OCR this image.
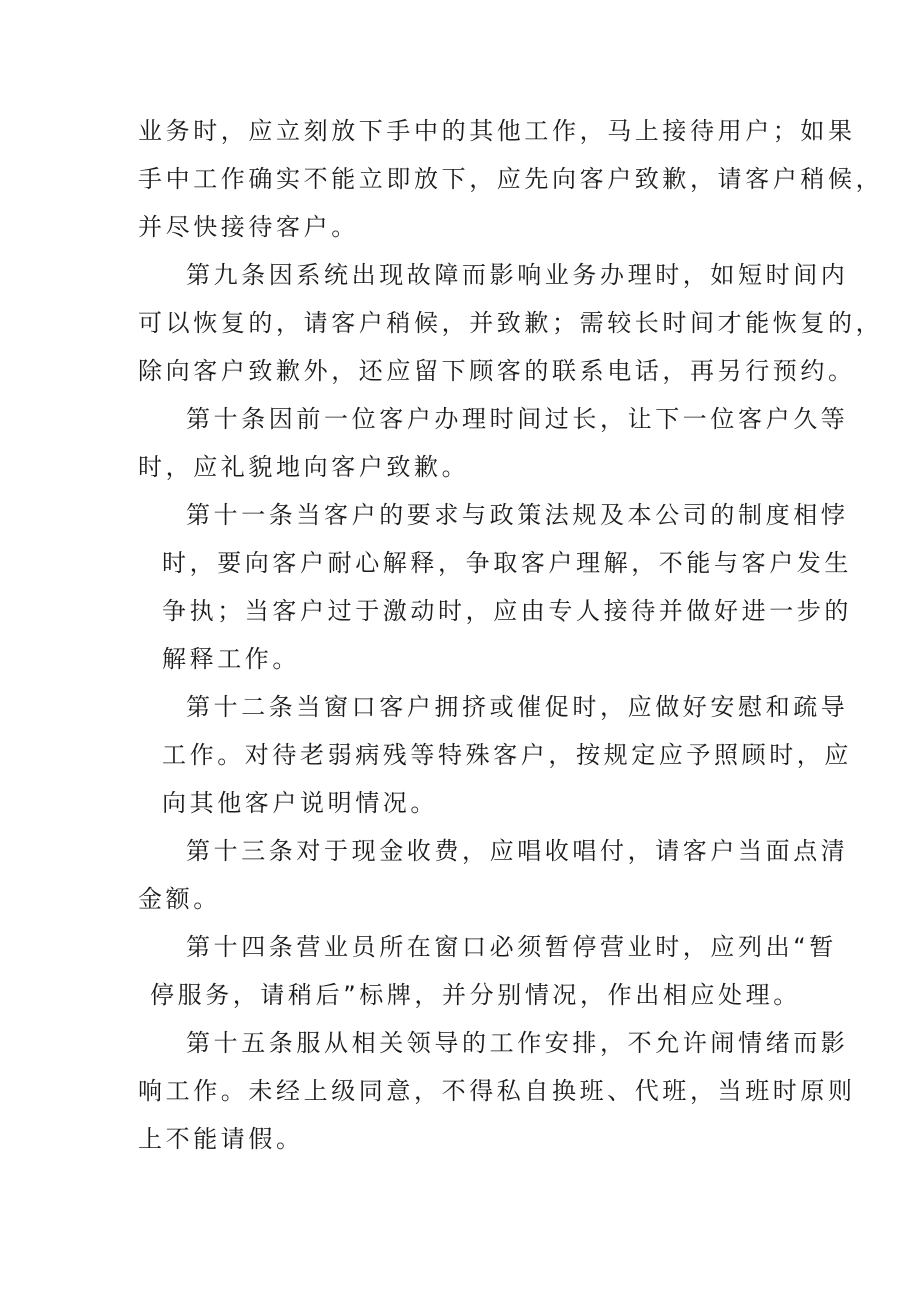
业务时，应立刻放下手中的其他工作，马上接待用户；如果
手中工作确实不能立即放下，应先向客户致歉，请客户稍候，
并尽快接待客户。
第九条因系统出现故障而影响业务办理时，如短时间内
可以恢复的，请客户稍候，并致歉；需较长时间才能恢复的，
除向客户致歉外，还应留下顾客的联系电话，再另行预约。
第十条因前一位客户办理时间过长，让下一位客户久等
时，应礼貌地向客户致歉。
第十一条当客户的要求与政策法规及本公司的制度相悖
时，要向客户耐心解释，争取客户理解，不能与客户发生
争执；当客户过于激动时，应由专人接待并做好进一步的
解释工作。
第十二条当窗口客户拥挤或催促时，应做好安慰和疏导
工作。对待老弱病残等特殊客户，按规定应予照顾时，应
向其他客户说明情况。
第十三条对于现金收费，应唱收唱付，请客户当面点清
金额。
第十四条营业员所在窗口必须暂停营业时，应列出“暂
停服务，请稍后”标牌，并分别情况，作出相应处理。
第十五条服从相关领导的工作安排，不允许闹情绪而影
响工作。未经上级同意，不得私自换班、代班，当班时原则
上不能请假。
